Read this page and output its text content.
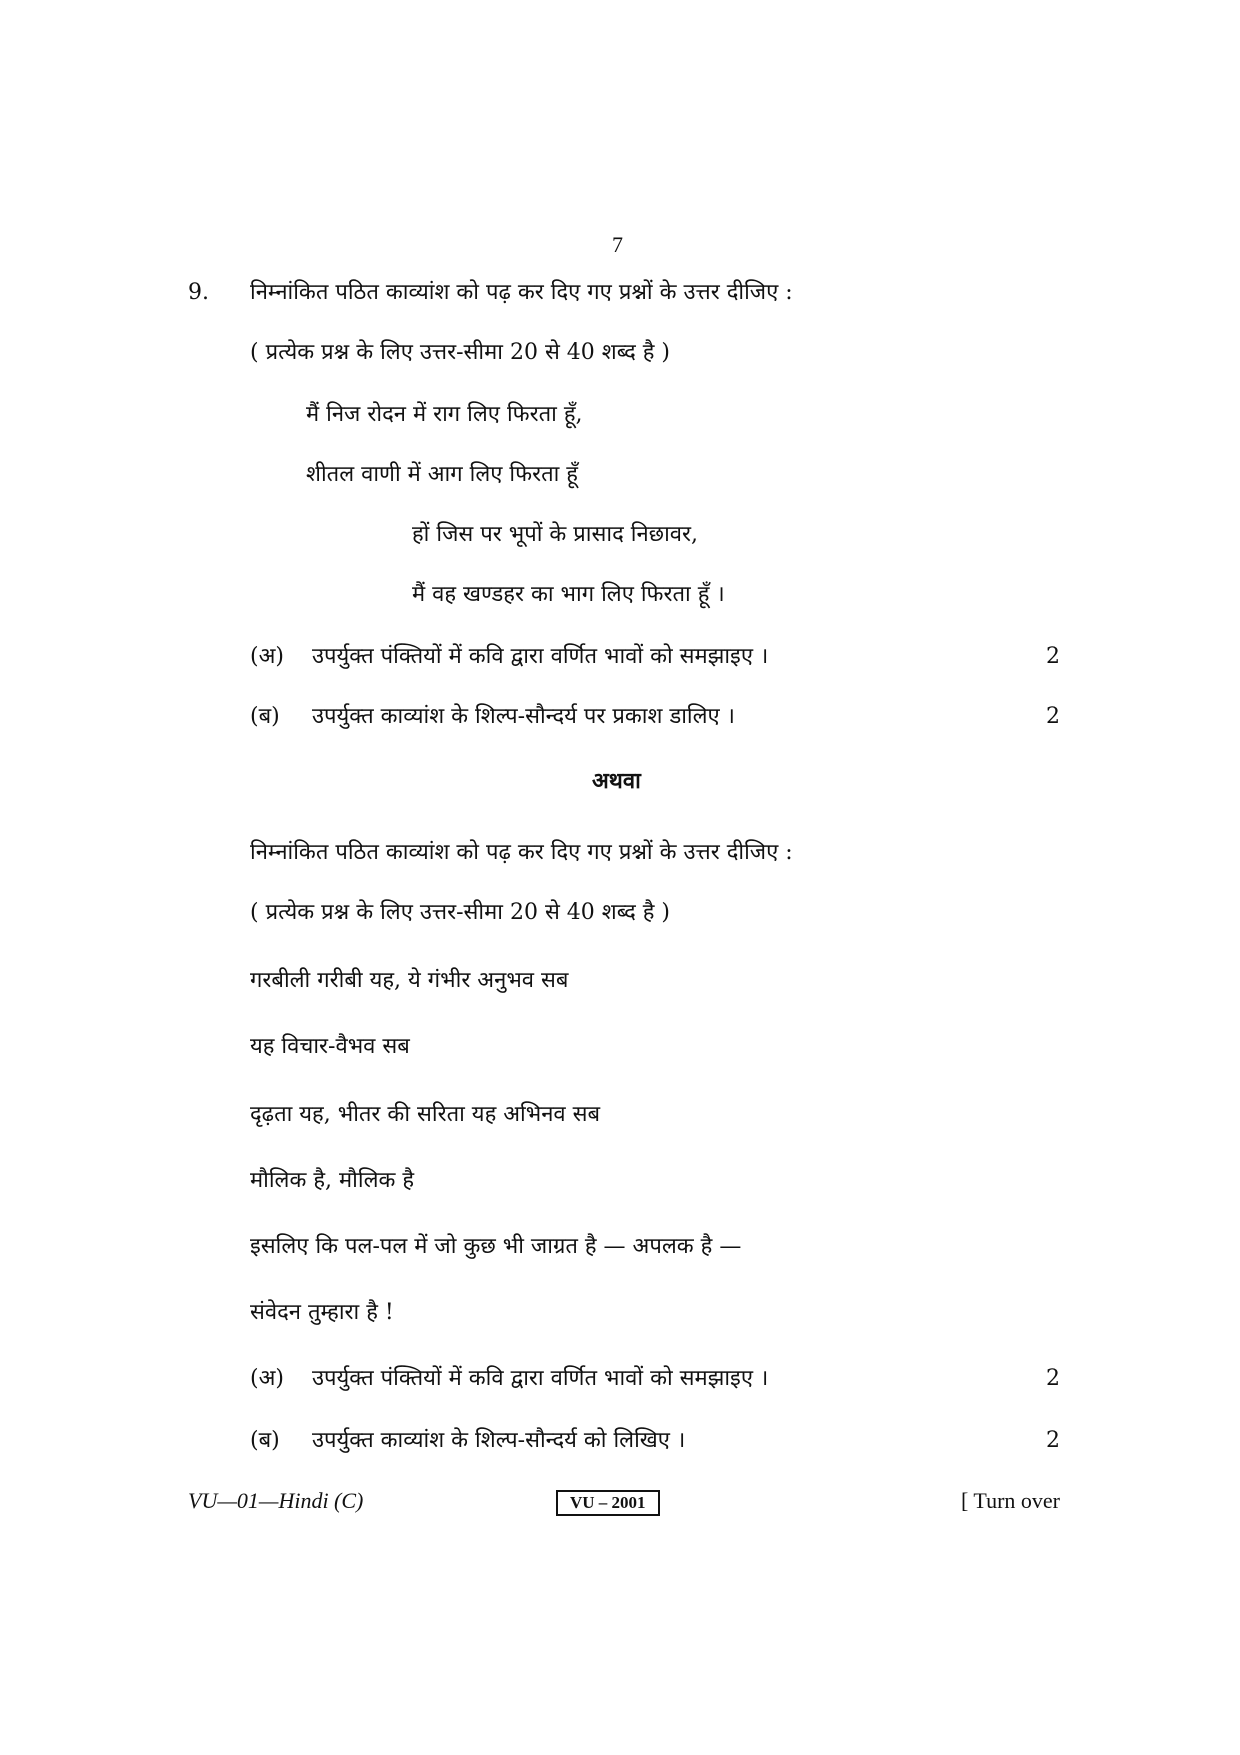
7
9. निम्नांकित पठित काव्यांश को पढ़ कर दिए गए प्रश्नों के उत्तर दीजिए :
( प्रत्येक प्रश्न के लिए उत्तर-सीमा 20 से 40 शब्द है )
मैं निज रोदन में राग लिए फिरता हूँ,
शीतल वाणी में आग लिए फिरता हूँ
हों जिस पर भूपों के प्रासाद निछावर,
मैं वह खण्डहर का भाग लिए फिरता हूँ ।
(अ) उपर्युक्त पंक्तियों में कवि द्वारा वर्णित भावों को समझाइए ।	2
(ब) उपर्युक्त काव्यांश के शिल्प-सौन्दर्य पर प्रकाश डालिए ।	2
अथवा
निम्नांकित पठित काव्यांश को पढ़ कर दिए गए प्रश्नों के उत्तर दीजिए :
( प्रत्येक प्रश्न के लिए उत्तर-सीमा 20 से 40 शब्द है )
गरबीली गरीबी यह, ये गंभीर अनुभव सब
यह विचार-वैभव सब
दृढ़ता यह, भीतर की सरिता यह अभिनव सब
मौलिक है, मौलिक है
इसलिए कि पल-पल में जो कुछ भी जाग्रत है — अपलक है —
संवेदन तुम्हारा है !
(अ) उपर्युक्त पंक्तियों में कवि द्वारा वर्णित भावों को समझाइए ।	2
(ब) उपर्युक्त काव्यांश के शिल्प-सौन्दर्य को लिखिए ।	2
VU—01—Hindi (C)	VU – 2001	[ Turn over
